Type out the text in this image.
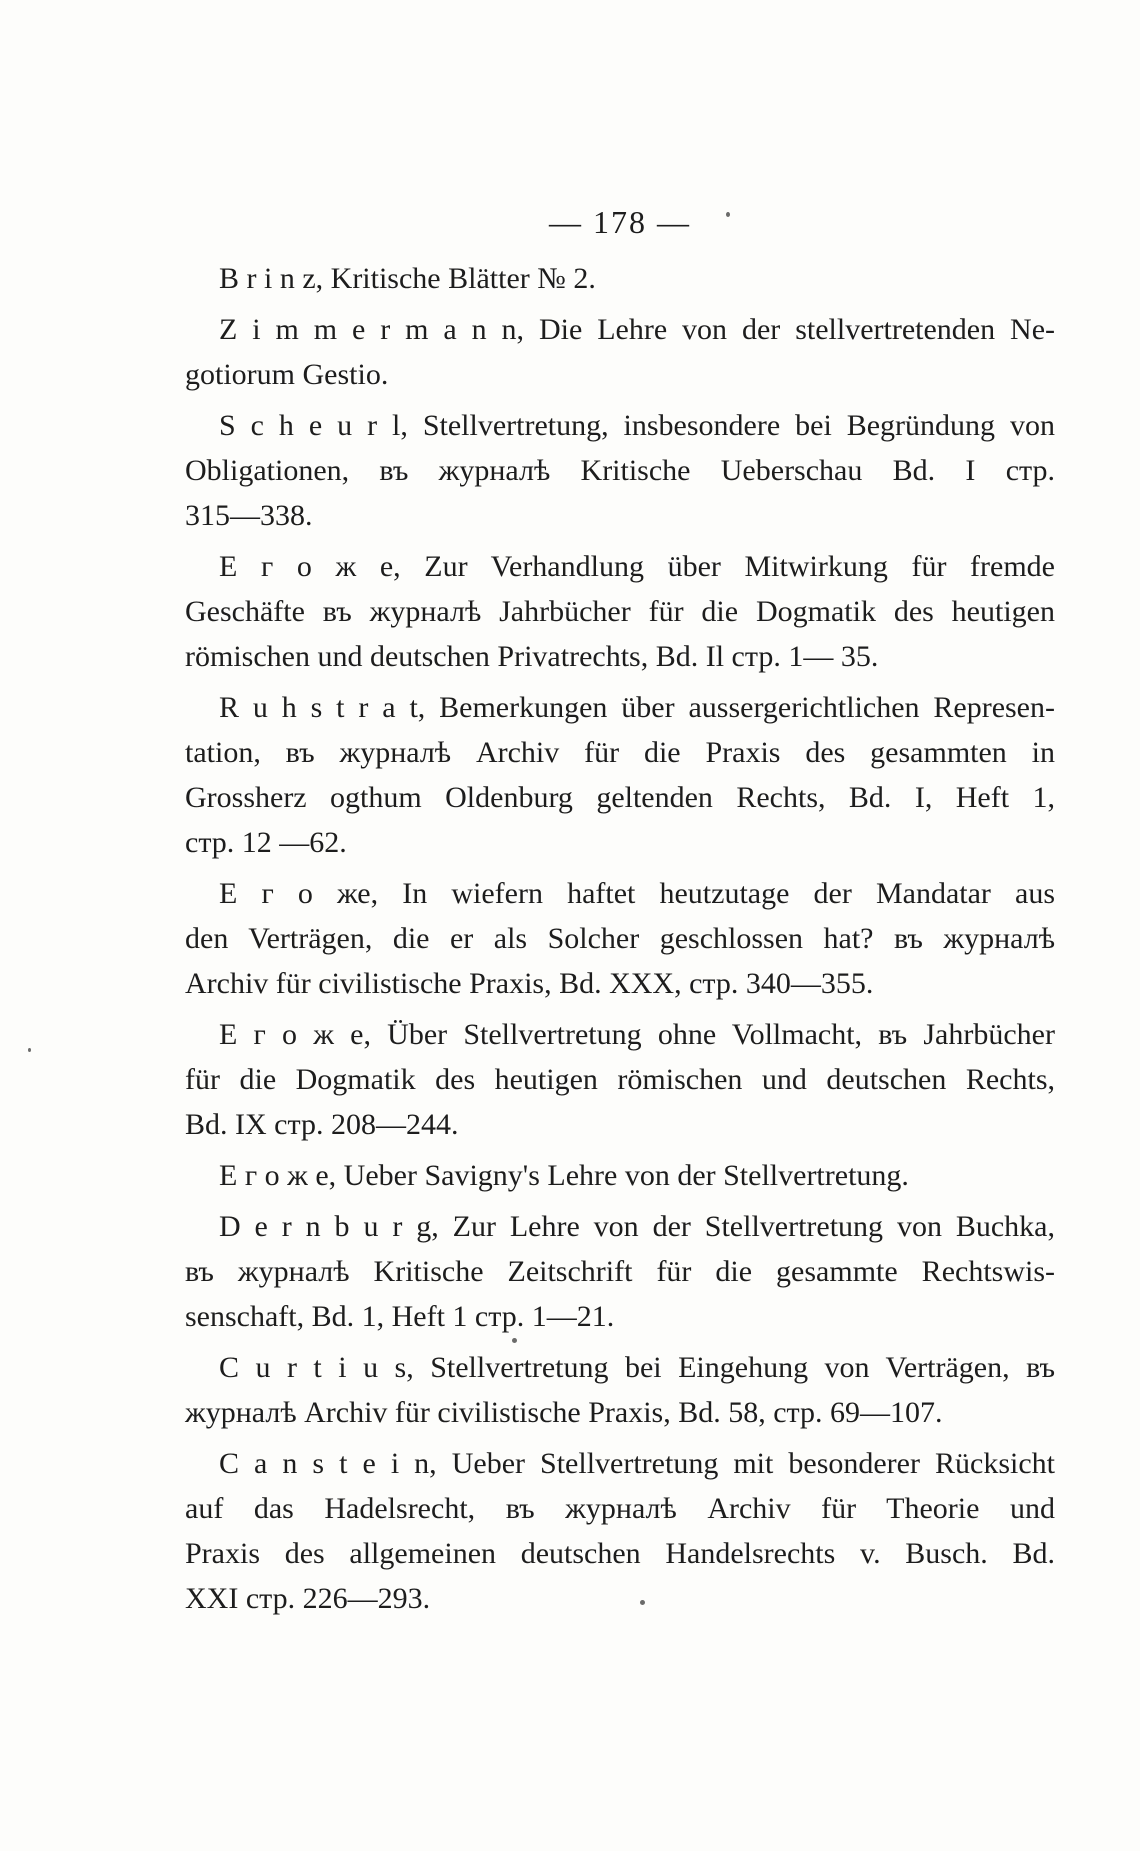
— 178 —
B r i n z, Kritische Blätter № 2.
Z i m m e r m a n n, Die Lehre von der stellvertretenden Ne-
gotiorum Gestio.
S c h e u r l, Stellvertretung, insbesondere bei Begründung von
Obligationen, въ журналѣ Kritische Ueberschau Bd. I стр.
315—338.
Е г о ж е, Zur Verhandlung über Mitwirkung für fremde
Geschäfte въ журналѣ Jahrbücher für die Dogmatik des heutigen
römischen und deutschen Privatrechts, Bd. Il стр. 1— 35.
R u h s t r a t, Bemerkungen über aussergerichtlichen Represen-
tation, въ журналѣ Archiv für die Praxis des gesammten in
Grossherz ogthum Oldenburg geltenden Rechts, Bd. I, Heft 1,
стр. 12 —62.
Е г о же, In wiefern haftet heutzutage der Mandatar aus
den Verträgen, die er als Solcher geschlossen hat? въ журналѣ
Archiv für civilistische Praxis, Bd. XXX, стр. 340—355.
Е г о ж е, Über Stellvertretung ohne Vollmacht, въ Jahrbücher
für die Dogmatik des heutigen römischen und deutschen Rechts,
Bd. IX стр. 208—244.
Е г о ж е, Ueber Savigny's Lehre von der Stellvertretung.
D e r n b u r g, Zur Lehre von der Stellvertretung von Buchka,
въ журналѣ Kritische Zeitschrift für die gesammte Rechtswis-
senschaft, Bd. 1, Heft 1 стр. 1—21.
C u r t i u s, Stellvertretung bei Eingehung von Verträgen, въ
журналѣ Archiv für civilistische Praxis, Bd. 58, стр. 69—107.
C a n s t e i n, Ueber Stellvertretung mit besonderer Rücksicht
auf das Hadelsrecht, въ журналѣ Archiv für Theorie und
Praxis des allgemeinen deutschen Handelsrechts v. Busch. Bd.
XXI стр. 226—293.
